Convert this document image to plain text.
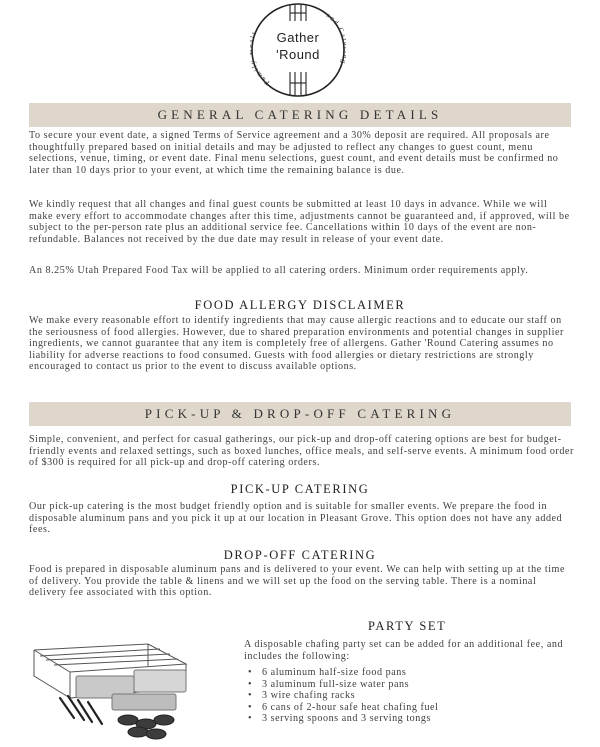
Famil s
and C
Gather
'Round
GENERAL CATERING DETAILS
To secure your event date, a signed Terms of Service agreement and a 30% deposit are required. All proposals are thoughtfully prepared based on initial details and may be adjusted to reflect any changes to guest count, menu selections, venue, timing, or event date. Final menu selections, guest count, and event details must be confirmed no later than 10 days prior to your event, at which time the remaining balance is due.
We kindly request that all changes and final guest counts be submitted at least 10 days in advance. While we will make every effort to accommodate changes after this time, adjustments cannot be guaranteed and, if approved, will be subject to the per-person rate plus an additional service fee. Cancellations within 10 days of the event are non-refundable. Balances not received by the due date may result in release of your event date.
An 8.25% Utah Prepared Food Tax will be applied to all catering orders. Minimum order requirements apply.
FOOD ALLERGY DISCLAIMER
We make every reasonable effort to identify ingredients that may cause allergic reactions and to educate our staff on the seriousness of food allergies. However, due to shared preparation environments and potential changes in supplier ingredients, we cannot guarantee that any item is completely free of allergens. Gather 'Round Catering assumes no liability for adverse reactions to food consumed. Guests with food allergies or dietary restrictions are strongly encouraged to contact us prior to the event to discuss available options.
PICK-UP & DROP-OFF CATERING
Simple, convenient, and perfect for casual gatherings, our pick-up and drop-off catering options are best for budget-friendly events and relaxed settings, such as boxed lunches, office meals, and self-serve events. A minimum food order of $300 is required for all pick-up and drop-off catering orders.
PICK-UP CATERING
Our pick-up catering is the most budget friendly option and is suitable for smaller events. We prepare the food in disposable aluminum pans and you pick it up at our location in Pleasant Grove. This option does not have any added fees.
DROP-OFF CATERING
Food is prepared in disposable aluminum pans and is delivered to your event. We can help with setting up at the time of delivery. You provide the table & linens and we will set up the food on the serving table. There is a nominal delivery fee associated with this option.
PARTY SET
A disposable chafing party set can be added for an additional fee, and includes the following:
• 6 aluminum half-size food pans
• 3 aluminum full-size water pans
• 3 wire chafing racks
• 6 cans of 2-hour safe heat chafing fuel
• 3 serving spoons and 3 serving tongs
